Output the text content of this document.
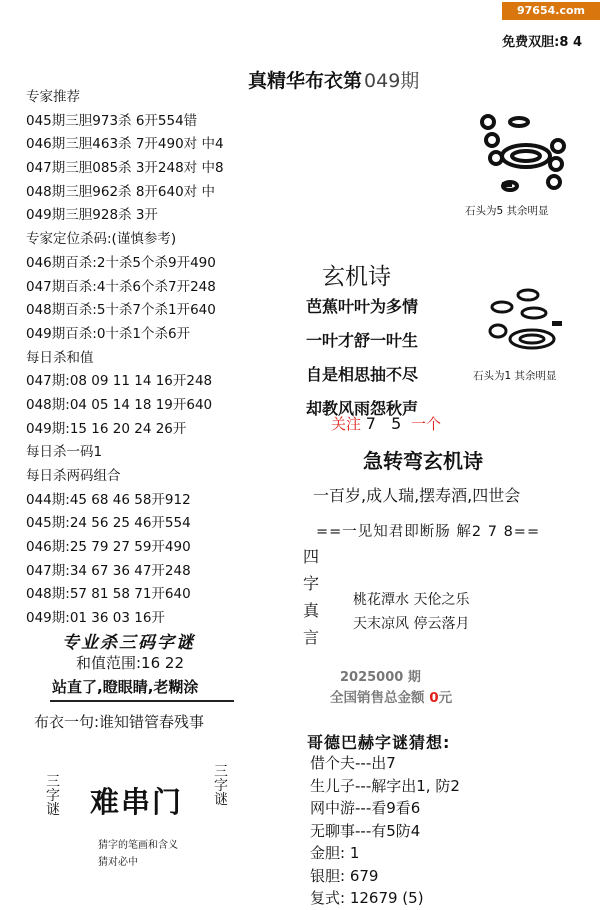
97654.com
免费双胆:8 4
真精华布衣第 049期
专家推荐
045期三胆973杀 6开554错
046期三胆463杀 7开490对 中4
047期三胆085杀 3开248对 中8
048期三胆962杀 8开640对 中
049期三胆928杀 3开
专家定位杀码:(谨慎参考)
046期百杀:2十杀5个杀9开490
047期百杀:4十杀6个杀7开248
048期百杀:5十杀7个杀1开640
049期百杀:0十杀1个杀6开
每日杀和值
047期:08 09 11 14 16开248
048期:04 05 14 18 19开640
049期:15 16 20 24 26开
每日杀一码1
每日杀两码组合
044期:45 68 46 58开912
045期:24 56 25 46开554
046期:25 79 27 59开490
047期:34 67 36 47开248
048期:57 81 58 71开640
049期:01 36 03 16开
专业杀三码字谜
和值范围:16 22
站直了,瞪眼睛,老糊涂
布衣一句:谁知错管春残事
难串门
三字谜
三字谜
猜字的笔画和含义
猜对必中
石头为5 其余明显
石头为1 其余明显
玄机诗
芭蕉叶叶为多情
一叶才舒一叶生
自是相思抽不尽
却教风雨怨秋声
关注 7 5 一个
急转弯玄机诗
一百岁,成人瑞,摆寿酒,四世会
==一见知君即断肠 解2 7 8==
四
字
真
言
桃花潭水 天伦之乐
天末凉风 停云落月
2025000 期
全国销售总金额 0元
哥德巴赫字谜猜想:
借个夫---出7
生儿子---解字出1, 防2
网中游---看9看6
无聊事---有5防4
金胆: 1
银胆: 679
复式: 12679 (5)
